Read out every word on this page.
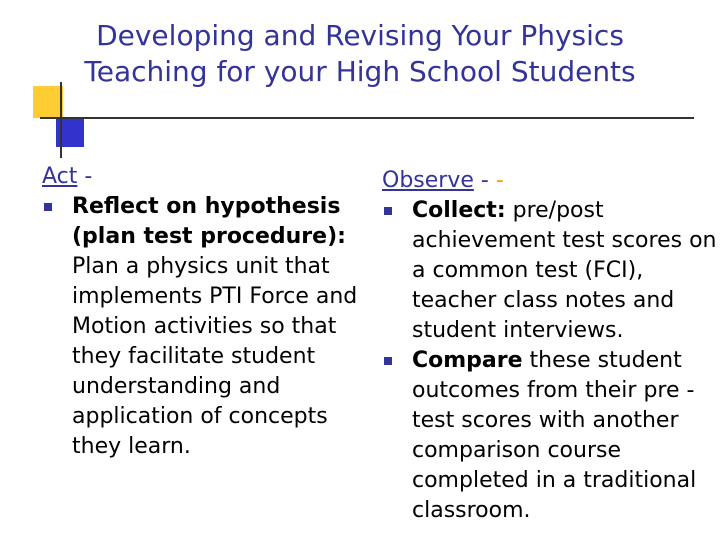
Developing and Revising Your Physics
Teaching for your High School Students
Act -
Reflect on hypothesis (plan test procedure): Plan a physics unit that implements PTI Force and Motion activities so that they facilitate student understanding and application of concepts they learn.
Observe - -
Collect: pre/post achievement test scores on a common test (FCI), teacher class notes and student interviews.
Compare these student outcomes from their pre -test scores with another comparison course completed in a traditional classroom.
